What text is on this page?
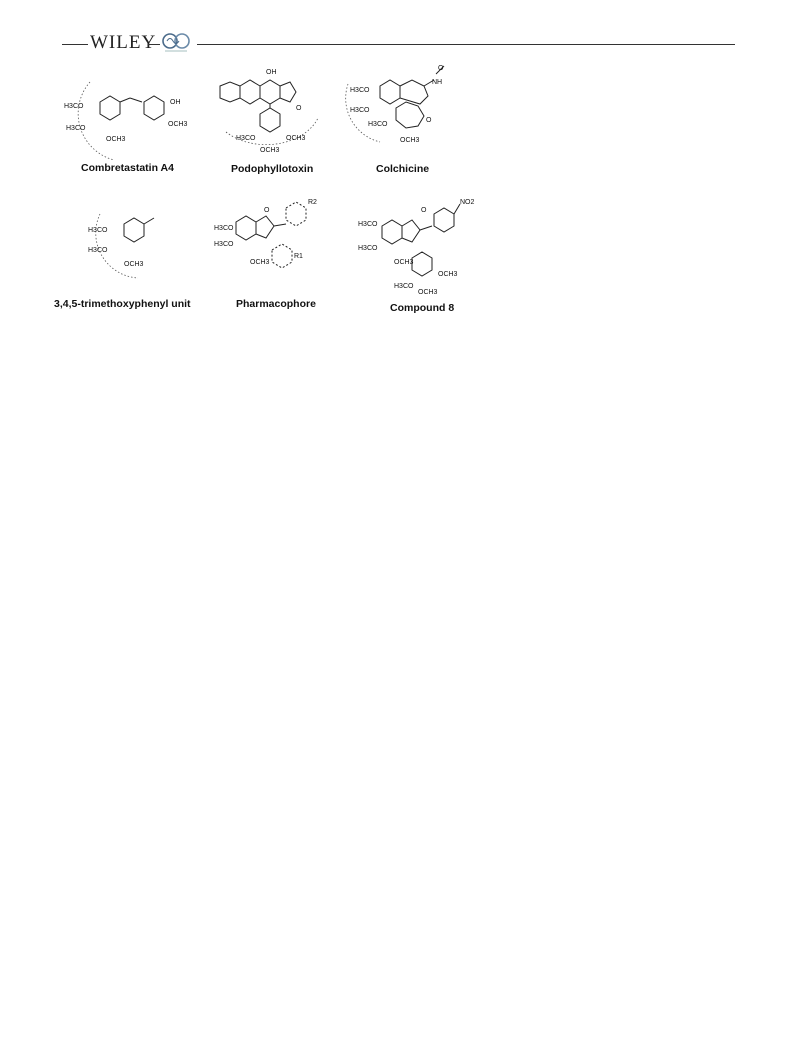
WILEY
H3CO
H3CO
OCH3
OH
OCH3
OH
O
H3CO	OCH3
OCH3
H3CO
H3CO
H3CO
NH
O
O
OCH3
H3CO
H3CO
OCH3
O
H3CO
H3CO
OCH3
R2
R1
O
NO2
H3CO
H3CO
OCH3
OCH3
H3CO
OCH3
Combretastatin A4	Podophyllotoxin	Colchicine
3,4,5-trimethoxyphenyl unit	Pharmacophore	Compound 8
